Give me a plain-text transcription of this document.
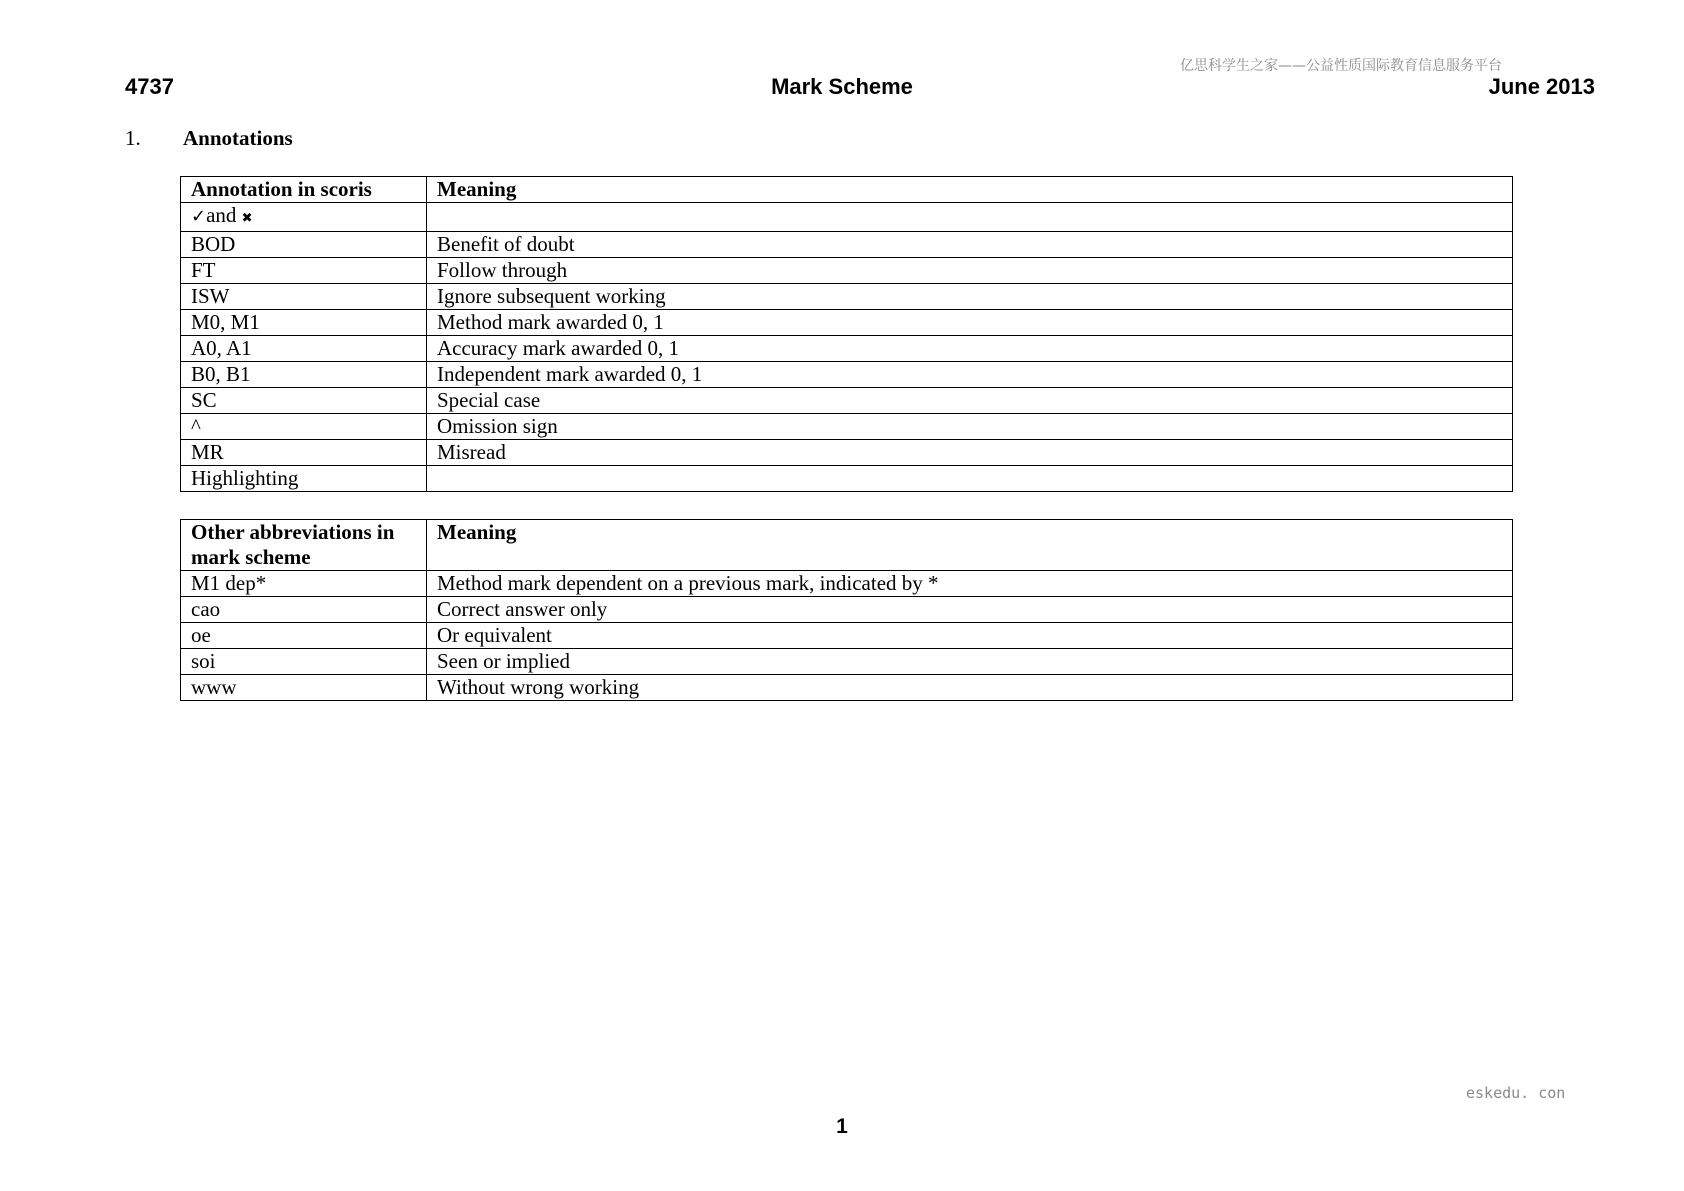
亿思科学生之家——公益性质国际教育信息服务平台
4737	Mark Scheme	June 2013
1. Annotations
Annotation in scoris	Meaning
✓and ✖	
BOD	Benefit of doubt
FT	Follow through
ISW	Ignore subsequent working
M0, M1	Method mark awarded 0, 1
A0, A1	Accuracy mark awarded 0, 1
B0, B1	Independent mark awarded 0, 1
SC	Special case
^	Omission sign
MR	Misread
Highlighting	
Other abbreviations in mark scheme	Meaning
M1 dep*	Method mark dependent on a previous mark, indicated by *
cao	Correct answer only
oe	Or equivalent
soi	Seen or implied
www	Without wrong working
eskedu. con
1
